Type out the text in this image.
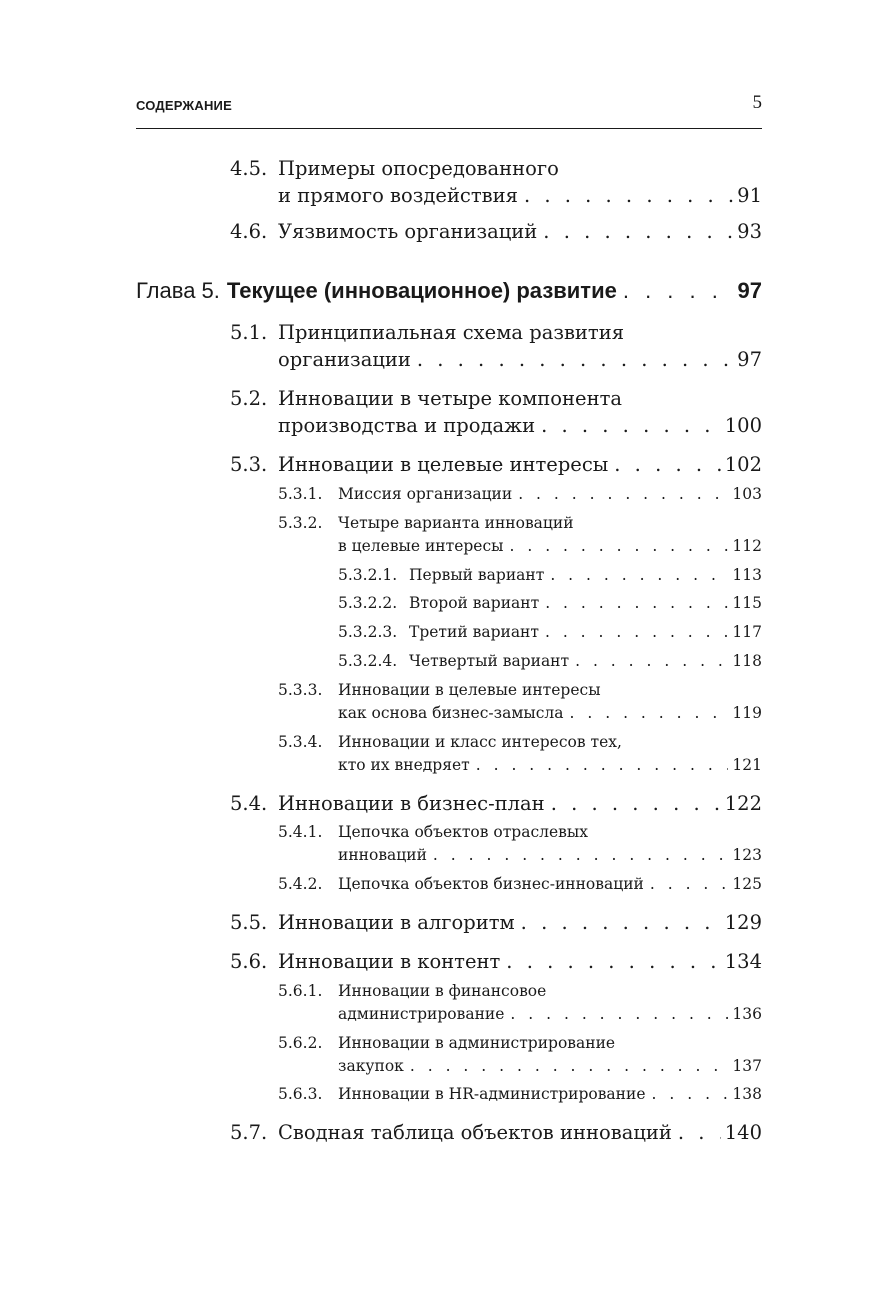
СОДЕРЖАНИЕ	5
4.5. Примеры опосредованного
и прямого воздействия . . .	91
4.6. Уязвимость организаций . . .	93
Глава 5. Текущее (инновационное) развитие . . .	97
5.1. Принципиальная схема развития
организации . . .	97
5.2. Инновации в четыре компонента
производства и продажи . . .	100
5.3. Инновации в целевые интересы . . .	102
5.3.1. Миссия организации . . .	103
5.3.2. Четыре варианта инноваций
в целевые интересы . . .	112
5.3.2.1. Первый вариант . . .	113
5.3.2.2. Второй вариант . . .	115
5.3.2.3. Третий вариант . . .	117
5.3.2.4. Четвертый вариант . . .	118
5.3.3. Инновации в целевые интересы
как основа бизнес-замысла . . .	119
5.3.4. Инновации и класс интересов тех,
кто их внедряет . . .	121
5.4. Инновации в бизнес-план . . .	122
5.4.1. Цепочка объектов отраслевых
инноваций . . .	123
5.4.2. Цепочка объектов бизнес-инноваций . . .	125
5.5. Инновации в алгоритм . . .	129
5.6. Инновации в контент . . .	134
5.6.1. Инновации в финансовое
администрирование . . .	136
5.6.2. Инновации в администрирование
закупок . . .	137
5.6.3. Инновации в HR-администрирование . . .	138
5.7. Сводная таблица объектов инноваций . . .	140
